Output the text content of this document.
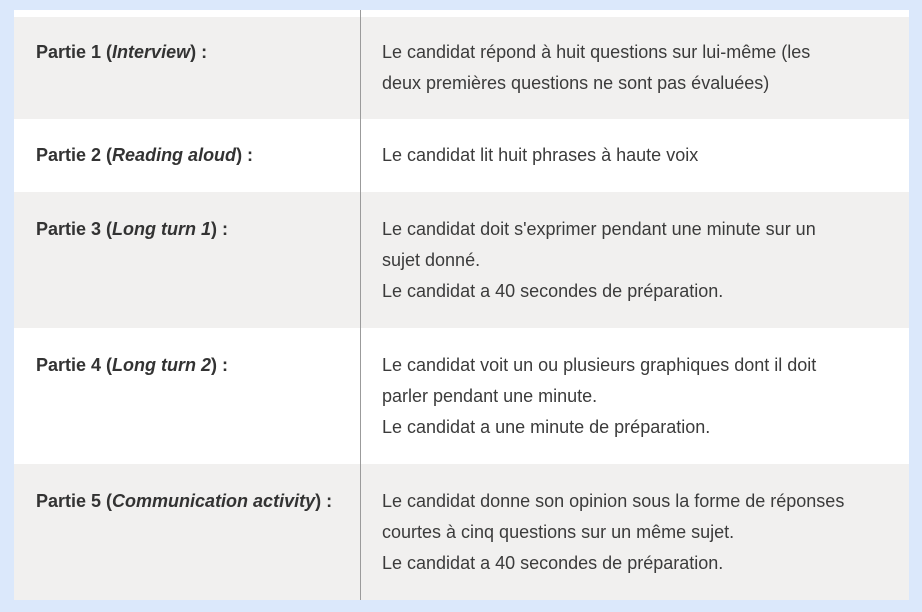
Partie 1 (Interview) :	Le candidat répond à huit questions sur lui-même (les
deux premières questions ne sont pas évaluées)
Partie 2 (Reading aloud) :	Le candidat lit huit phrases à haute voix
Partie 3 (Long turn 1) :	Le candidat doit s'exprimer pendant une minute sur un
sujet donné.
Le candidat a 40 secondes de préparation.
Partie 4 (Long turn 2) :	Le candidat voit un ou plusieurs graphiques dont il doit
parler pendant une minute.
Le candidat a une minute de préparation.
Partie 5 (Communication activity) :	Le candidat donne son opinion sous la forme de réponses
courtes à cinq questions sur un même sujet.
Le candidat a 40 secondes de préparation.
